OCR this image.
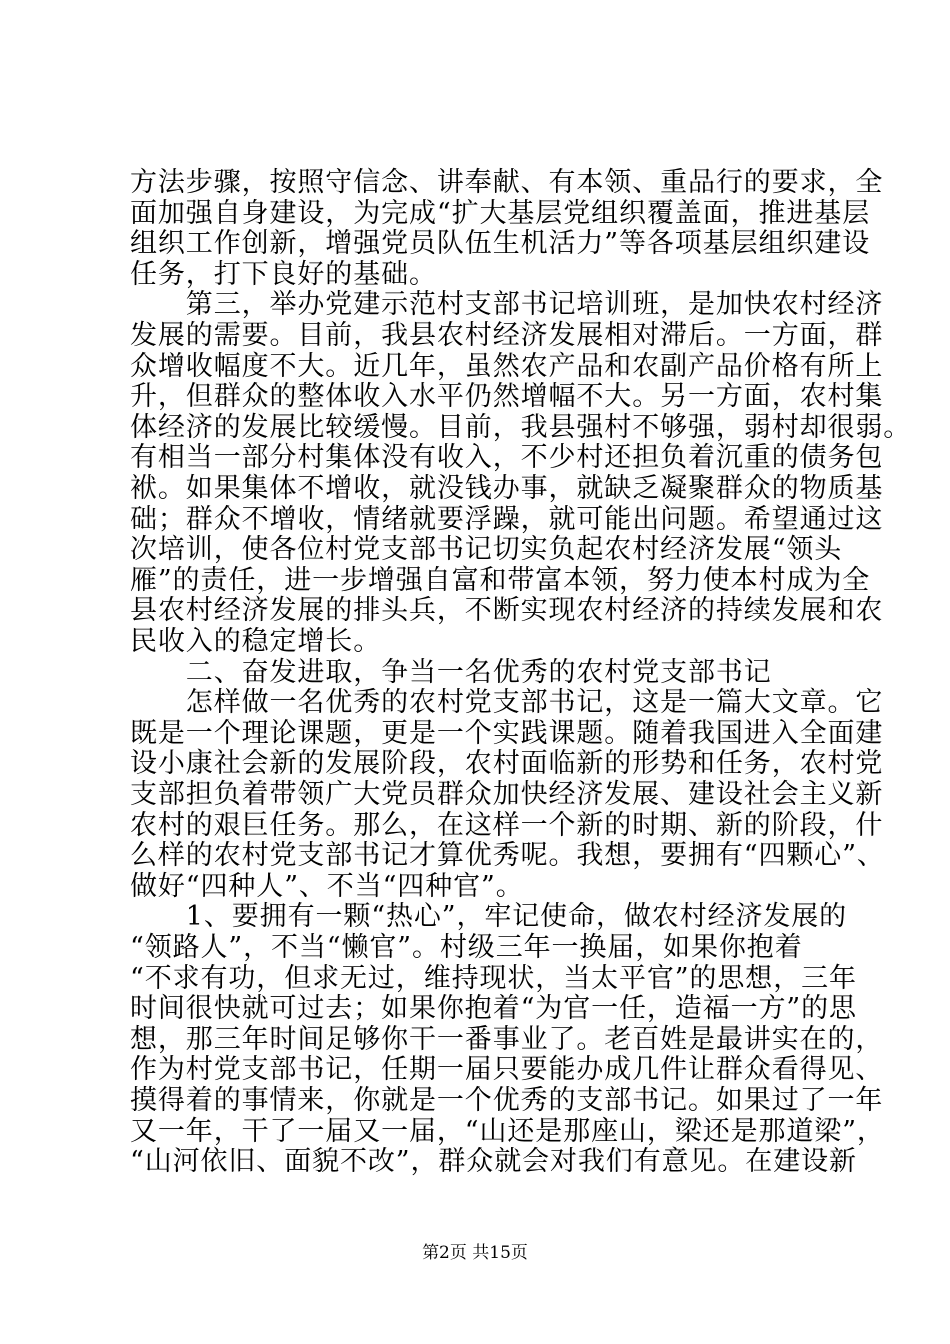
方法步骤，按照守信念、讲奉献、有本领、重品行的要求，全
面加强自身建设，为完成“扩大基层党组织覆盖面，推进基层
组织工作创新，增强党员队伍生机活力”等各项基层组织建设
任务，打下良好的基础。
　　第三，举办党建示范村支部书记培训班，是加快农村经济
发展的需要。目前，我县农村经济发展相对滞后。一方面，群
众增收幅度不大。近几年，虽然农产品和农副产品价格有所上
升，但群众的整体收入水平仍然增幅不大。另一方面，农村集
体经济的发展比较缓慢。目前，我县强村不够强，弱村却很弱。
有相当一部分村集体没有收入，不少村还担负着沉重的债务包
袱。如果集体不增收，就没钱办事，就缺乏凝聚群众的物质基
础；群众不增收，情绪就要浮躁，就可能出问题。希望通过这
次培训，使各位村党支部书记切实负起农村经济发展“领头
雁”的责任，进一步增强自富和带富本领，努力使本村成为全
县农村经济发展的排头兵，不断实现农村经济的持续发展和农
民收入的稳定增长。
　　二、奋发进取，争当一名优秀的农村党支部书记
　　怎样做一名优秀的农村党支部书记，这是一篇大文章。它
既是一个理论课题，更是一个实践课题。随着我国进入全面建
设小康社会新的发展阶段，农村面临新的形势和任务，农村党
支部担负着带领广大党员群众加快经济发展、建设社会主义新
农村的艰巨任务。那么，在这样一个新的时期、新的阶段，什
么样的农村党支部书记才算优秀呢。我想，要拥有“四颗心”、
做好“四种人”、不当“四种官”。
　　1、要拥有一颗“热心”，牢记使命，做农村经济发展的
“领路人”，不当“懒官”。村级三年一换届，如果你抱着
“不求有功，但求无过，维持现状，当太平官”的思想，三年
时间很快就可过去；如果你抱着“为官一任，造福一方”的思
想，那三年时间足够你干一番事业了。老百姓是最讲实在的，
作为村党支部书记，任期一届只要能办成几件让群众看得见、
摸得着的事情来，你就是一个优秀的支部书记。如果过了一年
又一年，干了一届又一届，“山还是那座山，梁还是那道梁”，
“山河依旧、面貌不改”，群众就会对我们有意见。在建设新
第2页 共15页
